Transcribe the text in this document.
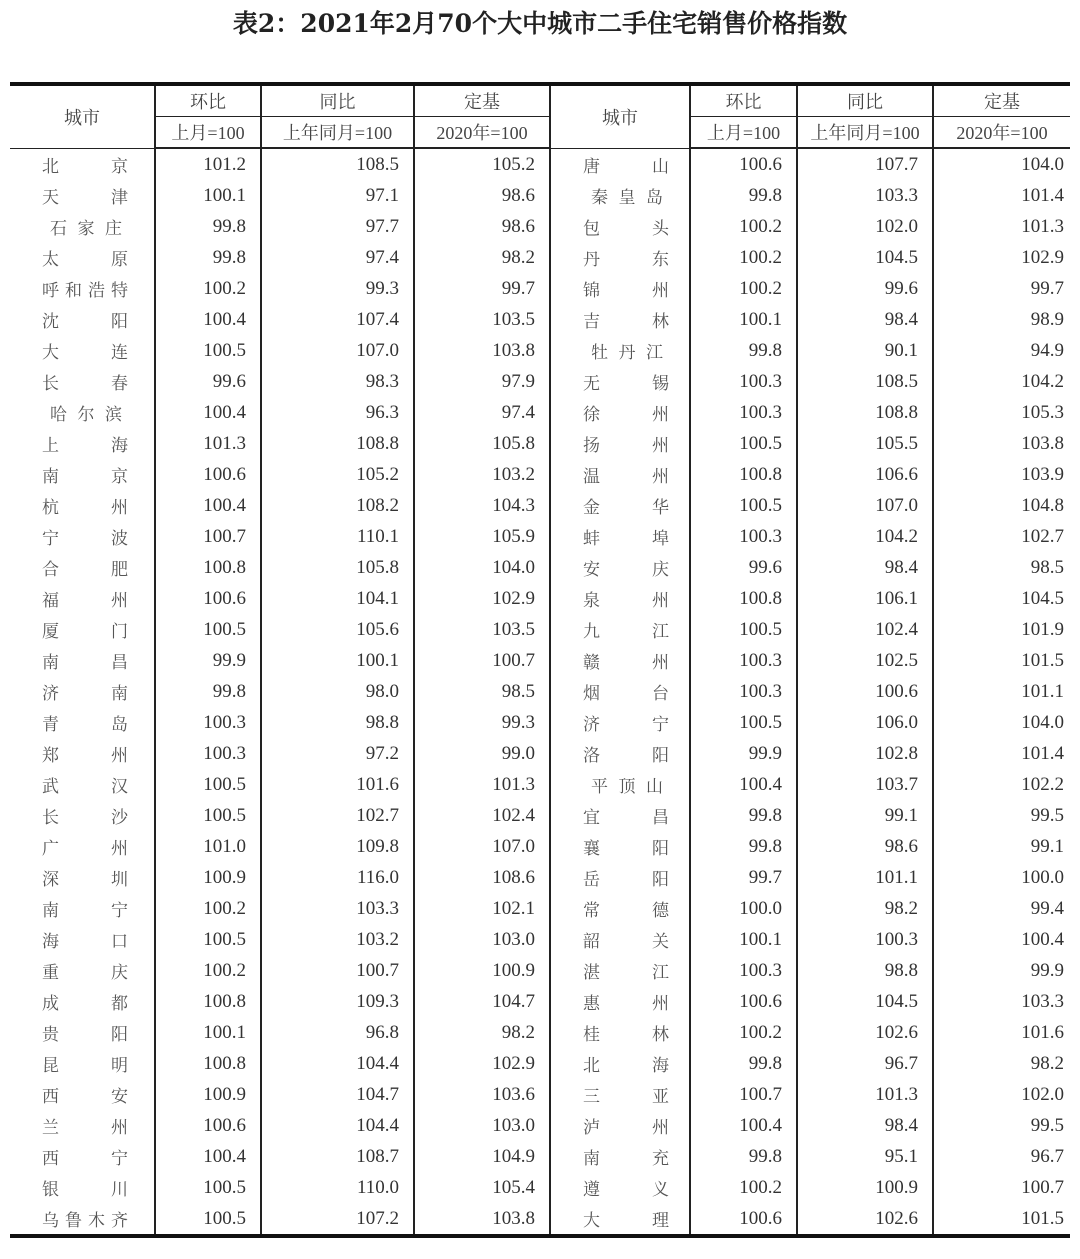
表2：2021年2月70个大中城市二手住宅销售价格指数
城市	环比	同比	定基	城市	环比	同比	定基
	上月=100	上年同月=100	2020年=100		上月=100	上年同月=100	2020年=100
北京	101.2	108.5	105.2	唐山	100.6	107.7	104.0
天津	100.1	97.1	98.6	秦皇岛	99.8	103.3	101.4
石家庄	99.8	97.7	98.6	包头	100.2	102.0	101.3
太原	99.8	97.4	98.2	丹东	100.2	104.5	102.9
呼和浩特	100.2	99.3	99.7	锦州	100.2	99.6	99.7
沈阳	100.4	107.4	103.5	吉林	100.1	98.4	98.9
大连	100.5	107.0	103.8	牡丹江	99.8	90.1	94.9
长春	99.6	98.3	97.9	无锡	100.3	108.5	104.2
哈尔滨	100.4	96.3	97.4	徐州	100.3	108.8	105.3
上海	101.3	108.8	105.8	扬州	100.5	105.5	103.8
南京	100.6	105.2	103.2	温州	100.8	106.6	103.9
杭州	100.4	108.2	104.3	金华	100.5	107.0	104.8
宁波	100.7	110.1	105.9	蚌埠	100.3	104.2	102.7
合肥	100.8	105.8	104.0	安庆	99.6	98.4	98.5
福州	100.6	104.1	102.9	泉州	100.8	106.1	104.5
厦门	100.5	105.6	103.5	九江	100.5	102.4	101.9
南昌	99.9	100.1	100.7	赣州	100.3	102.5	101.5
济南	99.8	98.0	98.5	烟台	100.3	100.6	101.1
青岛	100.3	98.8	99.3	济宁	100.5	106.0	104.0
郑州	100.3	97.2	99.0	洛阳	99.9	102.8	101.4
武汉	100.5	101.6	101.3	平顶山	100.4	103.7	102.2
长沙	100.5	102.7	102.4	宜昌	99.8	99.1	99.5
广州	101.0	109.8	107.0	襄阳	99.8	98.6	99.1
深圳	100.9	116.0	108.6	岳阳	99.7	101.1	100.0
南宁	100.2	103.3	102.1	常德	100.0	98.2	99.4
海口	100.5	103.2	103.0	韶关	100.1	100.3	100.4
重庆	100.2	100.7	100.9	湛江	100.3	98.8	99.9
成都	100.8	109.3	104.7	惠州	100.6	104.5	103.3
贵阳	100.1	96.8	98.2	桂林	100.2	102.6	101.6
昆明	100.8	104.4	102.9	北海	99.8	96.7	98.2
西安	100.9	104.7	103.6	三亚	100.7	101.3	102.0
兰州	100.6	104.4	103.0	泸州	100.4	98.4	99.5
西宁	100.4	108.7	104.9	南充	99.8	95.1	96.7
银川	100.5	110.0	105.4	遵义	100.2	100.9	100.7
乌鲁木齐	100.5	107.2	103.8	大理	100.6	102.6	101.5
